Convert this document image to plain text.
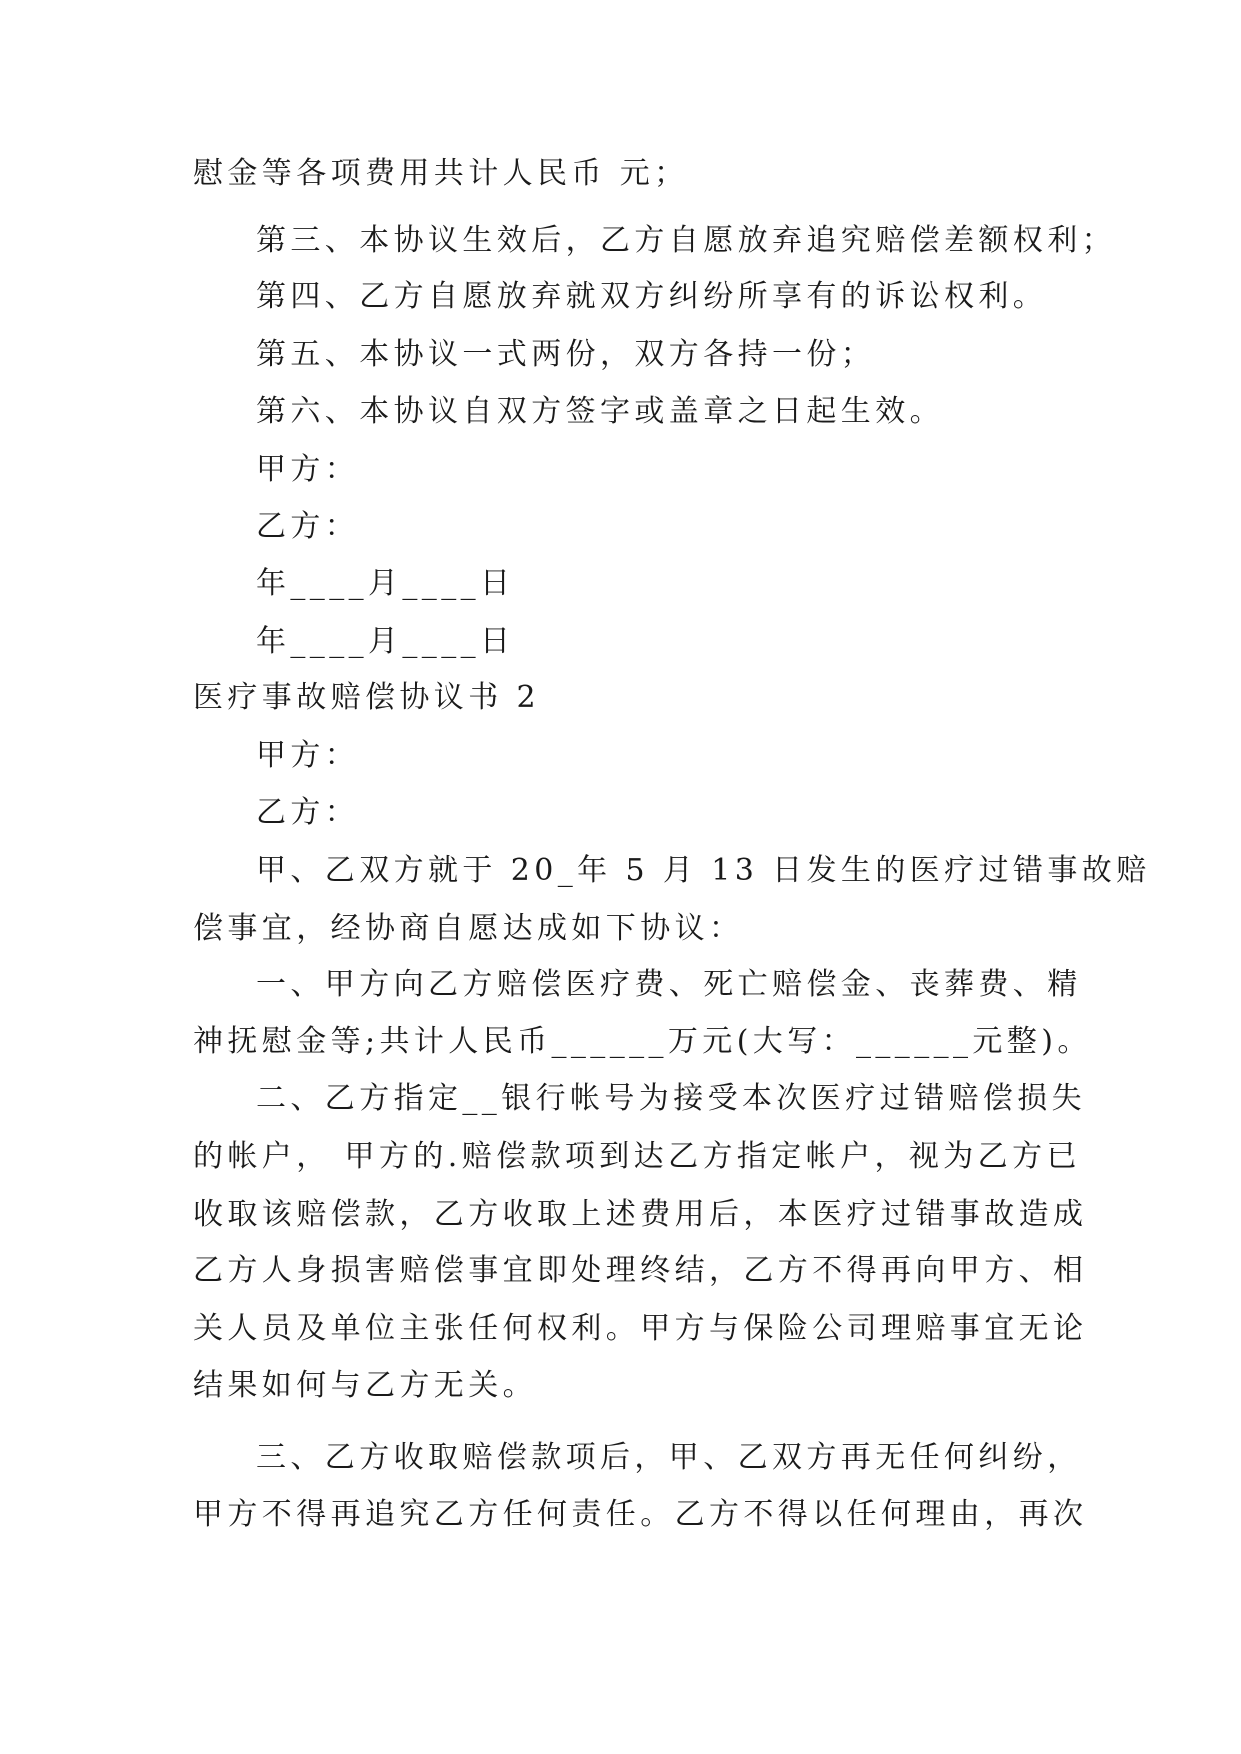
慰金等各项费用共计人民币 元；
第三、本协议生效后，乙方自愿放弃追究赔偿差额权利；
第四、乙方自愿放弃就双方纠纷所享有的诉讼权利。
第五、本协议一式两份，双方各持一份；
第六、本协议自双方签字或盖章之日起生效。
甲方：
乙方：
年____月____日
年____月____日
医疗事故赔偿协议书 2
甲方：
乙方：
甲、乙双方就于 20_年 5 月 13 日发生的医疗过错事故赔
偿事宜，经协商自愿达成如下协议：
一、甲方向乙方赔偿医疗费、死亡赔偿金、丧葬费、精
神抚慰金等;共计人民币______万元(大写：______元整)。
二、乙方指定__银行帐号为接受本次医疗过错赔偿损失
的帐户， 甲方的.赔偿款项到达乙方指定帐户，视为乙方已
收取该赔偿款，乙方收取上述费用后，本医疗过错事故造成
乙方人身损害赔偿事宜即处理终结，乙方不得再向甲方、相
关人员及单位主张任何权利。甲方与保险公司理赔事宜无论
结果如何与乙方无关。
三、乙方收取赔偿款项后，甲、乙双方再无任何纠纷，
甲方不得再追究乙方任何责任。乙方不得以任何理由，再次
